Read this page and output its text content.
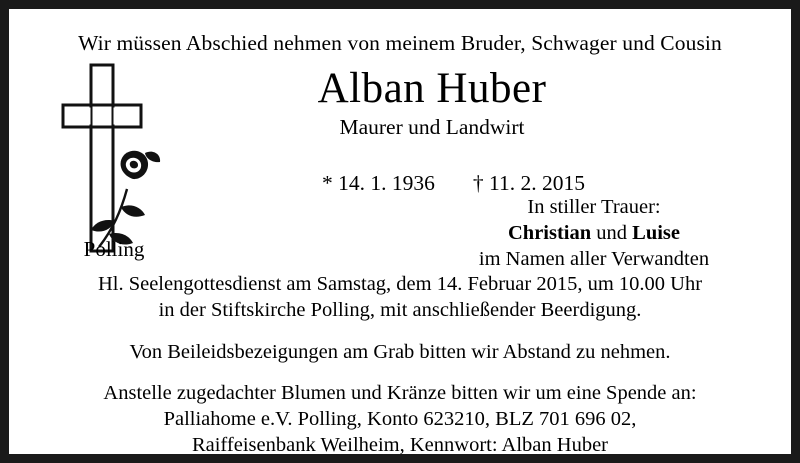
Wir müssen Abschied nehmen von meinem Bruder, Schwager und Cousin
Alban Huber
Maurer und Landwirt

* 14. 1. 1936 † 11. 2. 2015

Polling
In stiller Trauer:
Christian und Luise
im Namen aller Verwandten
Hl. Seelengottesdienst am Samstag, dem 14. Februar 2015, um 10.00 Uhr
in der Stiftskirche Polling, mit anschließender Beerdigung.
Von Beileidsbezeigungen am Grab bitten wir Abstand zu nehmen.
Anstelle zugedachter Blumen und Kränze bitten wir um eine Spende an:
Palliahome e.V. Polling, Konto 623210, BLZ 701 696 02,
Raiffeisenbank Weilheim, Kennwort: Alban Huber
